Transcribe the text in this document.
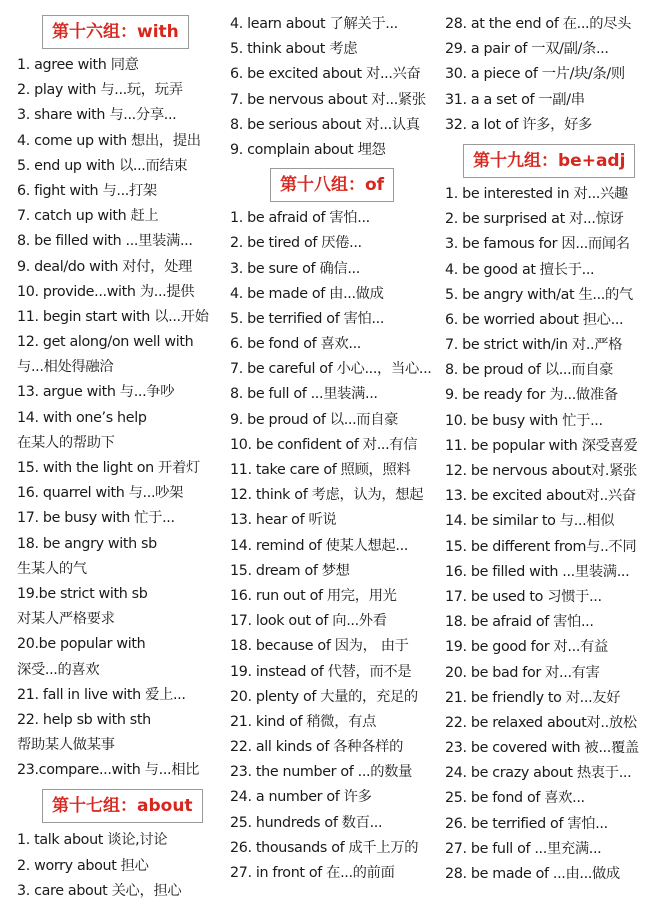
第十六组：with
1. agree with 同意
2. play with 与...玩，玩弄
3. share with 与...分享...
4. come up with 想出，提出
5. end up with 以...而结束
6. fight with 与...打架
7. catch up with 赶上
8. be filled with ...里装满...
9. deal/do with 对付，处理
10. provide...with 为...提供
11. begin start with 以...开始
12. get along/on well with
与...相处得融洽
13. argue with 与...争吵
14. with one’s help
在某人的帮助下
15. with the light on 开着灯
16. quarrel with 与...吵架
17. be busy with 忙于...
18. be angry with sb
生某人的气
19.be strict with sb
对某人严格要求
20.be popular with
深受...的喜欢
21. fall in live with 爱上...
22. help sb with sth
帮助某人做某事
23.compare...with 与...相比
第十七组：about
1. talk about 谈论,讨论
2. worry about 担心
3. care about 关心，担心
4. learn about 了解关于...
5. think about 考虑
6. be excited about 对...兴奋
7. be nervous about 对...紧张
8. be serious about 对...认真
9. complain about 埋怨
第十八组：of
1. be afraid of 害怕...
2. be tired of 厌倦...
3. be sure of 确信...
4. be made of 由...做成
5. be terrified of 害怕...
6. be fond of 喜欢...
7. be careful of 小心...，当心...
8. be full of ...里装满...
9. be proud of 以...而自豪
10. be confident of 对...有信
11. take care of 照顾，照料
12. think of 考虑，认为，想起
13. hear of 听说
14. remind of 使某人想起...
15. dream of 梦想
16. run out of 用完，用光
17. look out of 向...外看
18. because of 因为， 由于
19. instead of 代替，而不是
20. plenty of 大量的，充足的
21. kind of 稍微，有点
22. all kinds of 各种各样的
23. the number of ...的数量
24. a number of 许多
25. hundreds of 数百...
26. thousands of 成千上万的
27. in front of 在...的前面
28. at the end of 在...的尽头
29. a pair of 一双/副/条...
30. a piece of 一片/块/条/则
31. a a set of 一副/串
32. a lot of 许多，好多
第十九组：be+adj
1. be interested in 对...兴趣
2. be surprised at 对...惊讶
3. be famous for 因...而闻名
4. be good at 擅长于...
5. be angry with/at 生...的气
6. be worried about 担心...
7. be strict with/in 对..严格
8. be proud of 以...而自豪
9. be ready for 为...做准备
10. be busy with 忙于...
11. be popular with 深受喜爱
12. be nervous about对.紧张
13. be excited about对..兴奋
14. be similar to 与...相似
15. be different from与..不同
16. be filled with ...里装满...
17. be used to 习惯于...
18. be afraid of 害怕...
19. be good for 对...有益
20. be bad for 对...有害
21. be friendly to 对...友好
22. be relaxed about对..放松
23. be covered with 被...覆盖
24. be crazy about 热衷于...
25. be fond of 喜欢...
26. be terrified of 害怕...
27. be full of ...里充满...
28. be made of ...由...做成
